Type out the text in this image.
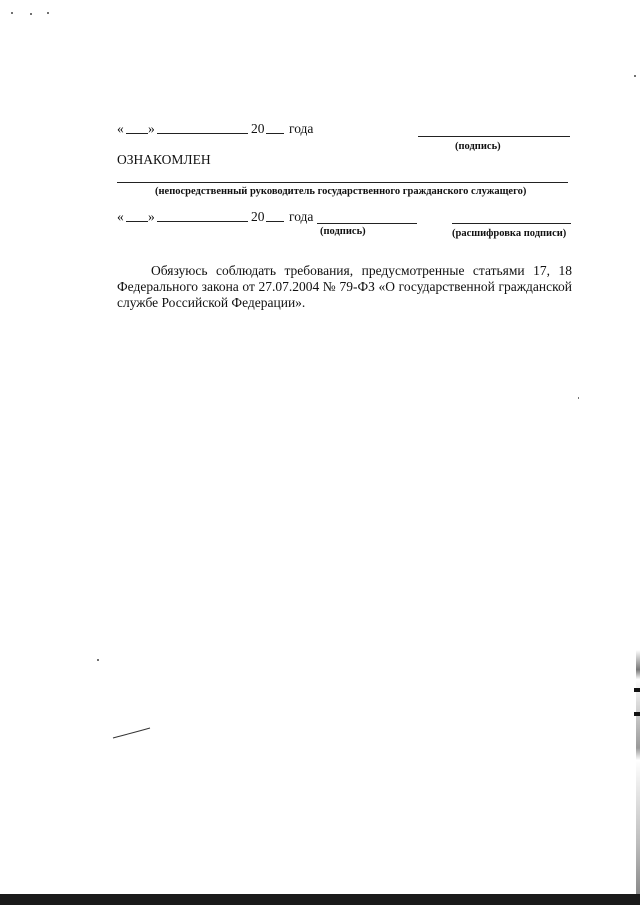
« »	20 года
(подпись)
ОЗНАКОМЛЕН
(непосредственный руководитель государственного гражданского служащего)
« »	20 года
(подпись)	(расшифровка подписи)
Обязуюсь соблюдать требования, предусмотренные статьями 17, 18
Федерального закона от 27.07.2004 № 79-ФЗ «О государственной гражданской
службе Российской Федерации».
